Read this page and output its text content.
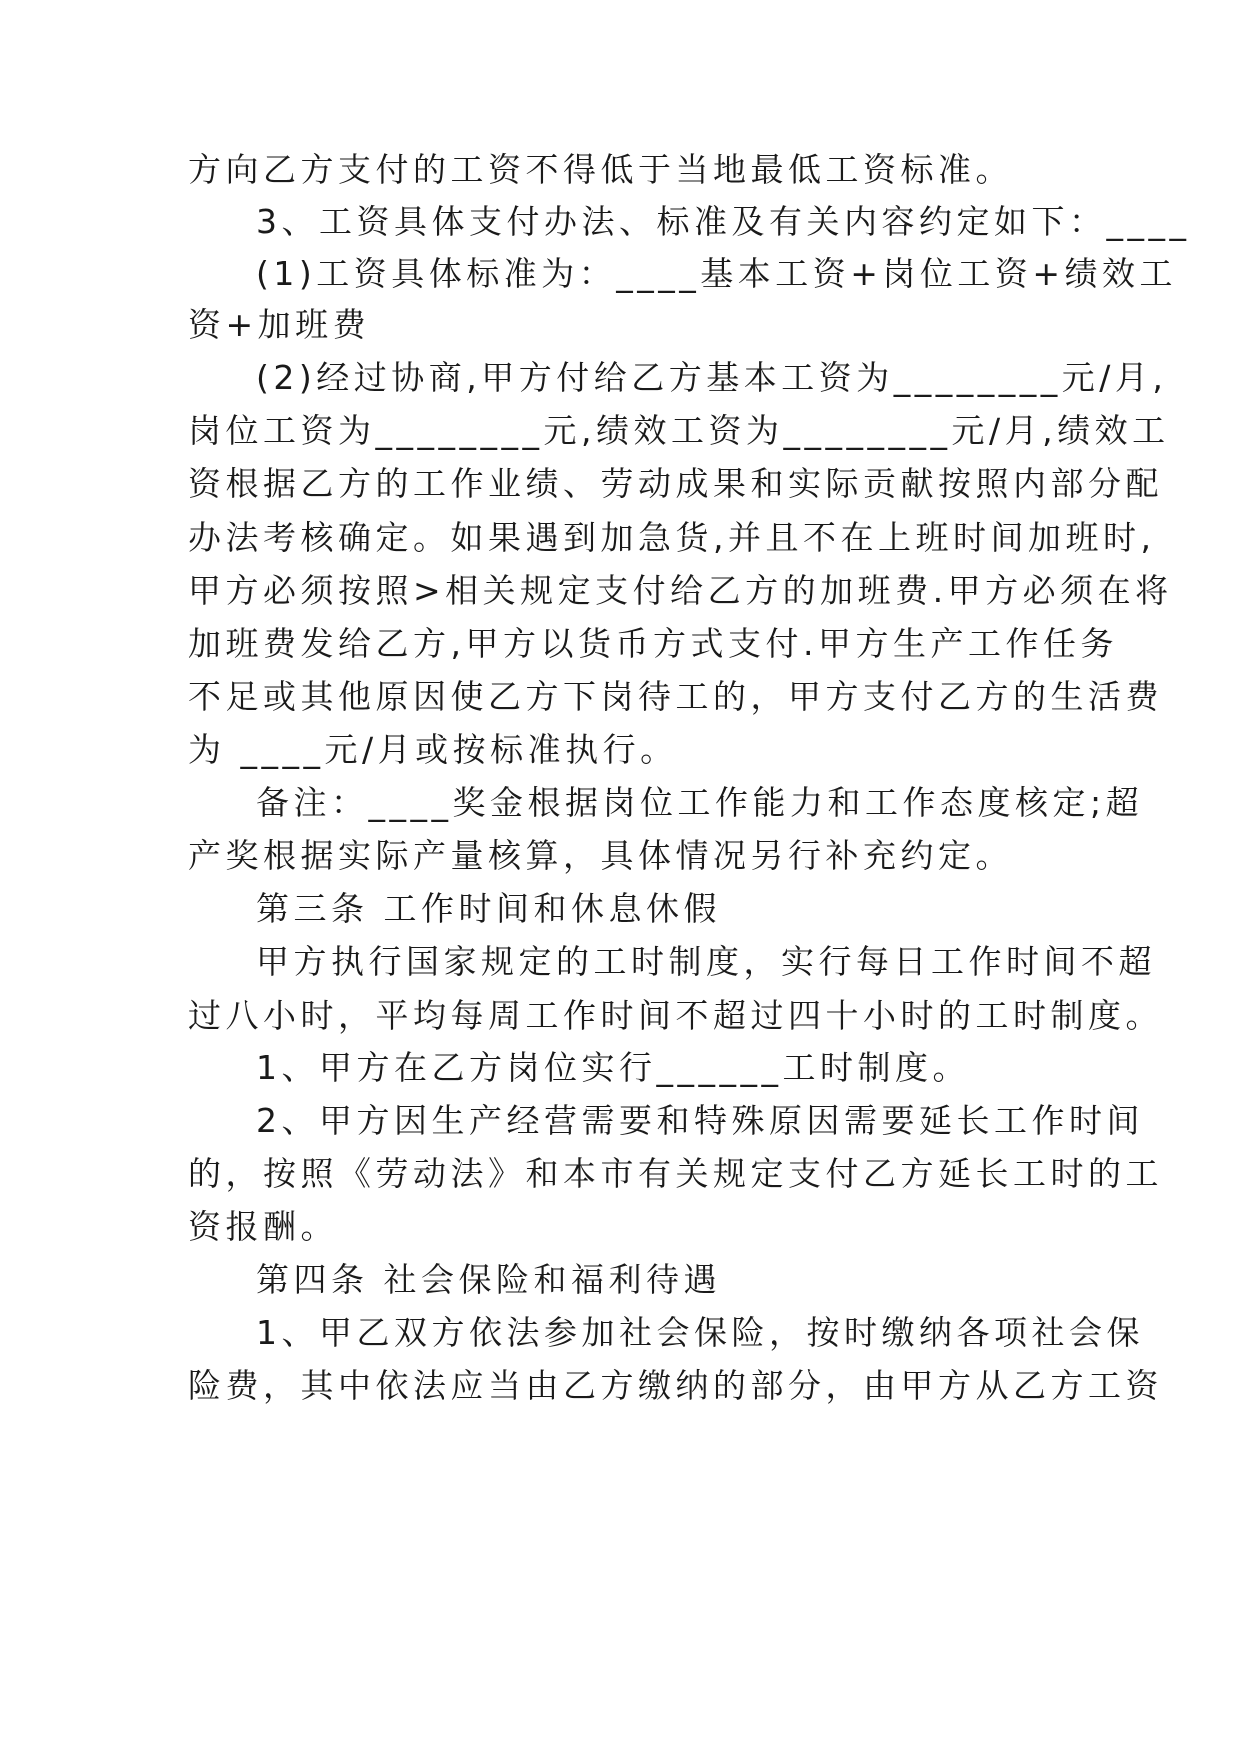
方向乙方支付的工资不得低于当地最低工资标准。
3、工资具体支付办法、标准及有关内容约定如下：____
(1)工资具体标准为：____基本工资+岗位工资+绩效工
资+加班费
(2)经过协商,甲方付给乙方基本工资为________元/月,
岗位工资为________元,绩效工资为________元/月,绩效工
资根据乙方的工作业绩、劳动成果和实际贡献按照内部分配
办法考核确定。如果遇到加急货,并且不在上班时间加班时,
甲方必须按照>相关规定支付给乙方的加班费.甲方必须在将
加班费发给乙方,甲方以货币方式支付.甲方生产工作任务
不足或其他原因使乙方下岗待工的，甲方支付乙方的生活费
为 ____元/月或按标准执行。
备注：____奖金根据岗位工作能力和工作态度核定;超
产奖根据实际产量核算，具体情况另行补充约定。
第三条 工作时间和休息休假
甲方执行国家规定的工时制度，实行每日工作时间不超
过八小时，平均每周工作时间不超过四十小时的工时制度。
1、甲方在乙方岗位实行______工时制度。
2、甲方因生产经营需要和特殊原因需要延长工作时间
的，按照《劳动法》和本市有关规定支付乙方延长工时的工
资报酬。
第四条 社会保险和福利待遇
1、甲乙双方依法参加社会保险，按时缴纳各项社会保
险费，其中依法应当由乙方缴纳的部分，由甲方从乙方工资
